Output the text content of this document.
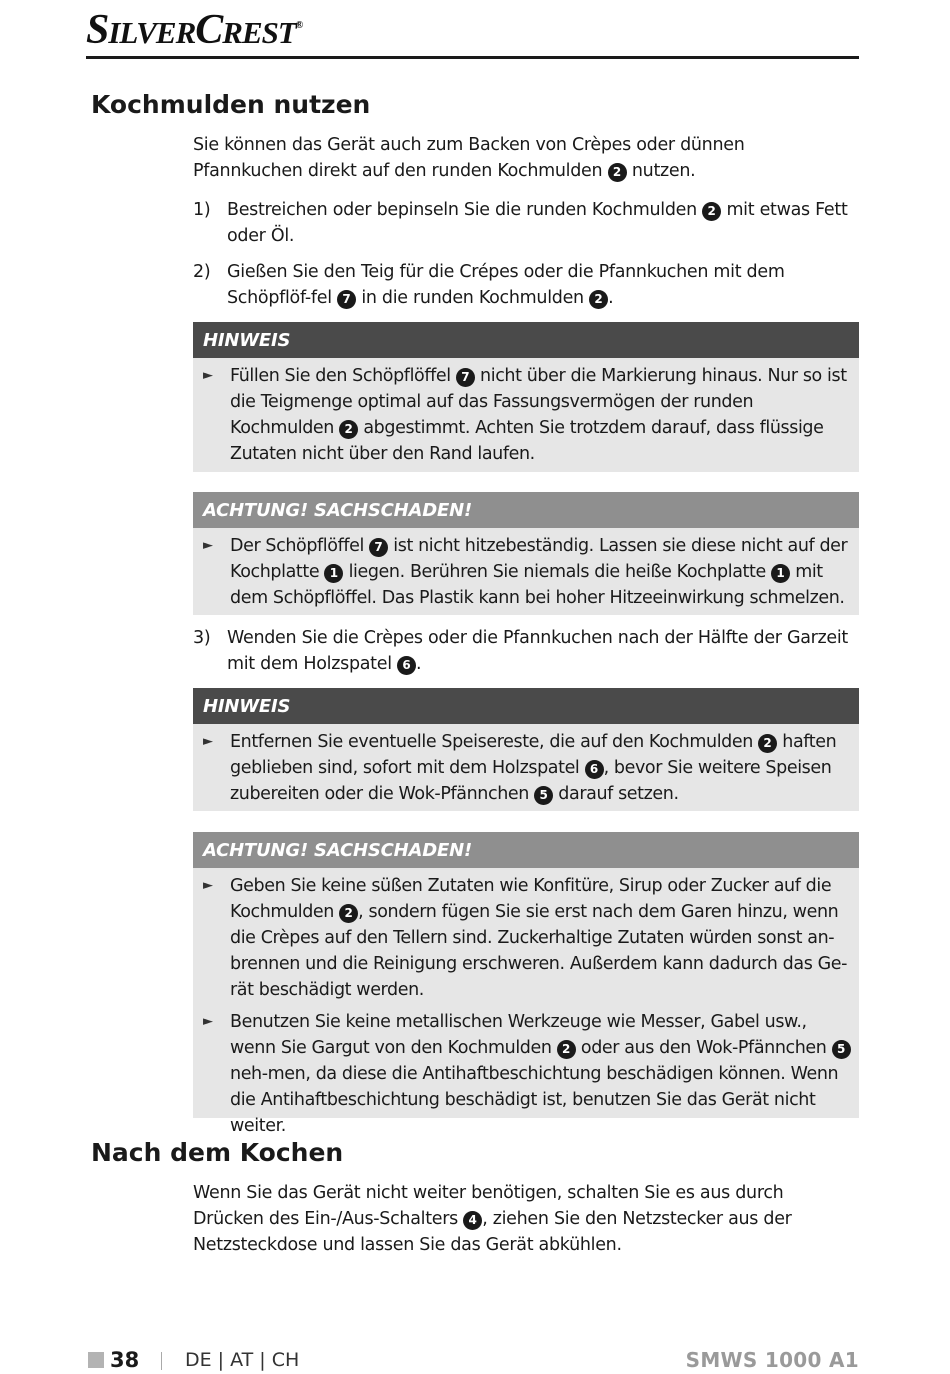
SILVERCREST®
Kochmulden nutzen

Sie können das Gerät auch zum Backen von Crèpes oder dünnen Pfannkuchen direkt auf den runden Kochmulden 2 nutzen.

1) Bestreichen oder bepinseln Sie die runden Kochmulden 2 mit etwas Fett oder Öl.
2) Gießen Sie den Teig für die Crépes oder die Pfannkuchen mit dem Schöpflöf-fel 7 in die runden Kochmulden 2 .
HINWEIS

► Füllen Sie den Schöpflöffel 7 nicht über die Markierung hinaus. Nur so ist die Teigmenge optimal auf das Fassungsvermögen der runden Kochmulden 2 abgestimmt. Achten Sie trotzdem darauf, dass flüssige Zutaten nicht über den Rand laufen.

ACHTUNG! SACHSCHADEN!

► Der Schöpflöffel 7 ist nicht hitzebeständig. Lassen sie diese nicht auf der Kochplatte 1 liegen. Berühren Sie niemals die heiße Kochplatte 1 mit dem Schöpflöffel. Das Plastik kann bei hoher Hitzeeinwirkung schmelzen.

3) Wenden Sie die Crèpes oder die Pfannkuchen nach der Hälfte der Garzeit mit dem Holzspatel 6 .
HINWEIS

► Entfernen Sie eventuelle Speisereste, die auf den Kochmulden 2 haften geblieben sind, sofort mit dem Holzspatel 6 , bevor Sie weitere Speisen zubereiten oder die Wok-Pfännchen 5 darauf setzen.

ACHTUNG! SACHSCHADEN!

► Geben Sie keine süßen Zutaten wie Konfitüre, Sirup oder Zucker auf die Kochmulden 2 , sondern fügen Sie sie erst nach dem Garen hinzu, wenn die Crèpes auf den Tellern sind. Zuckerhaltige Zutaten würden sonst an-brennen und die Reinigung erschweren. Außerdem kann dadurch das Ge-rät beschädigt werden.

► Benutzen Sie keine metallischen Werkzeuge wie Messer, Gabel usw., wenn Sie Gargut von den Kochmulden 2 oder aus den Wok-Pfännchen 5 neh-men, da diese die Antihaftbeschichtung beschädigen können. Wenn die Antihaftbeschichtung beschädigt ist, benutzen Sie das Gerät nicht weiter.

Nach dem Kochen

Wenn Sie das Gerät nicht weiter benötigen, schalten Sie es aus durch Drücken des Ein-/Aus-Schalters 4 , ziehen Sie den Netzstecker aus der Netzsteckdose und lassen Sie das Gerät abkühlen.

38 DE | AT | CH	SMWS 1000 A1
